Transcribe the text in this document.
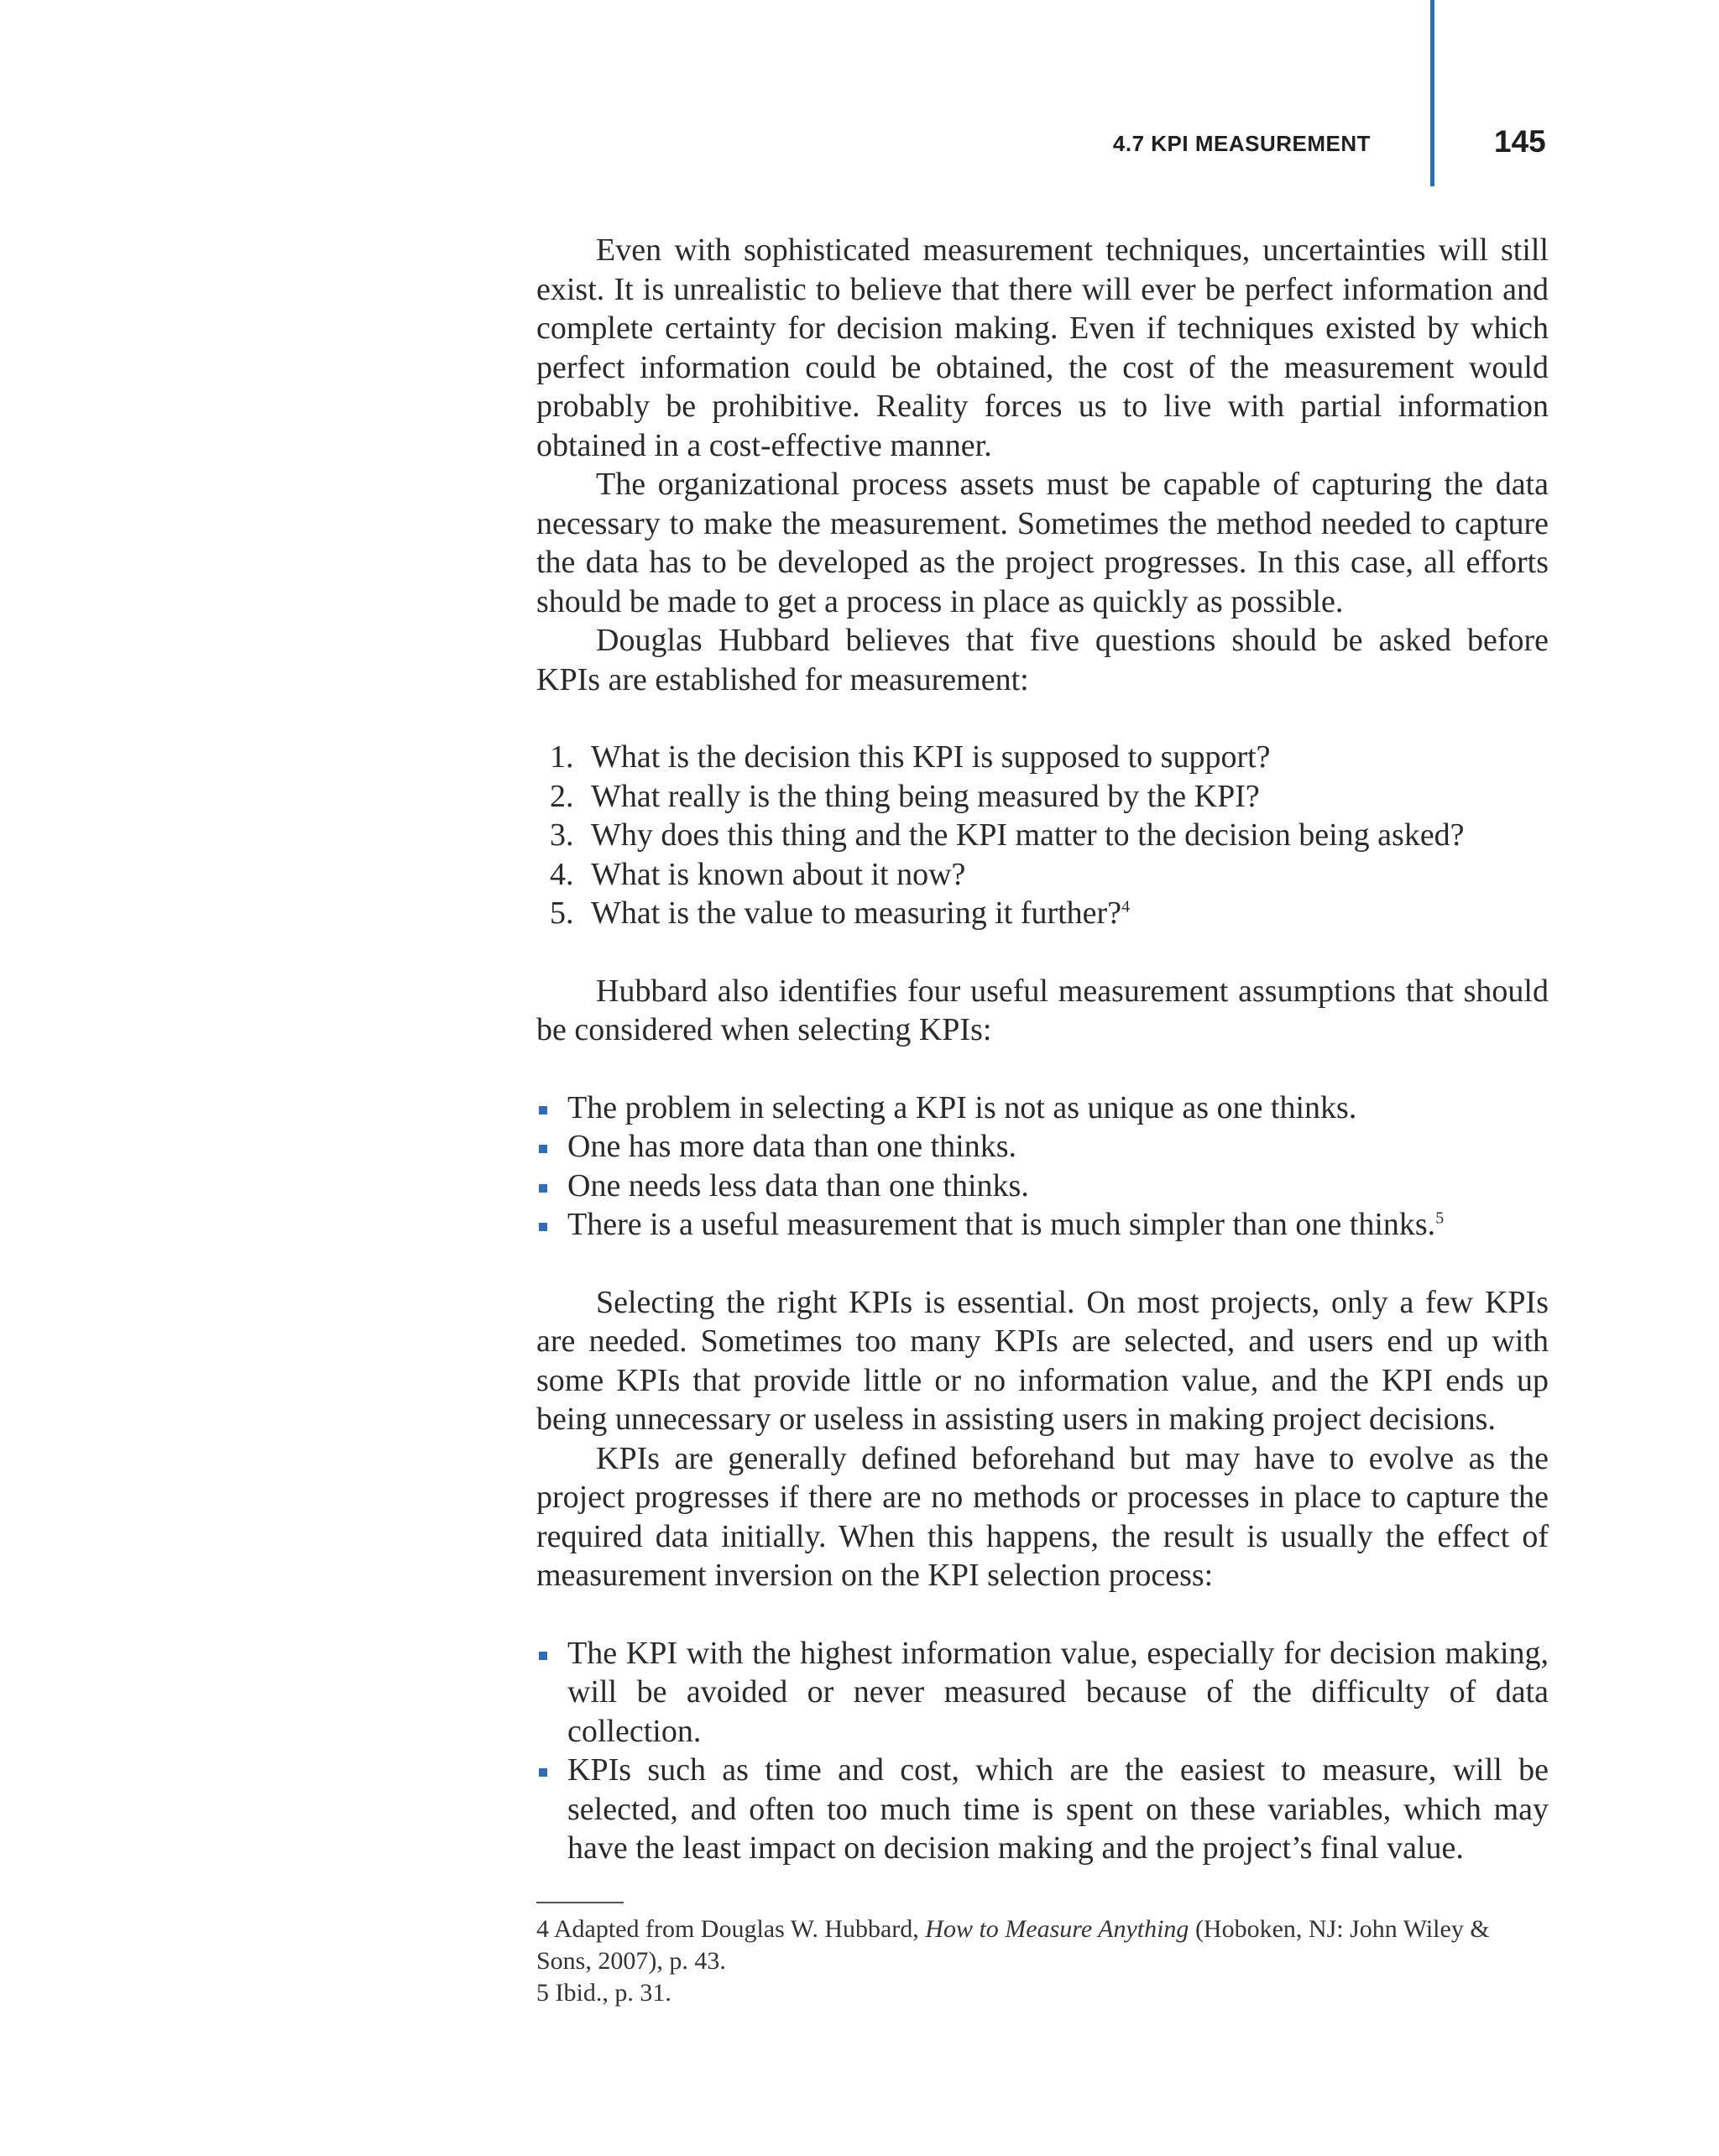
4.7 KPI MEASUREMENT	145

Even with sophisticated measurement techniques, uncertainties will still exist. It is unrealistic to believe that there will ever be perfect information and complete certainty for decision making. Even if techniques existed by which perfect information could be obtained, the cost of the measurement would probably be prohibitive. Reality forces us to live with partial information obtained in a cost-effective manner.

The organizational process assets must be capable of capturing the data necessary to make the measurement. Sometimes the method needed to capture the data has to be developed as the project progresses. In this case, all efforts should be made to get a process in place as quickly as possible.

Douglas Hubbard believes that five questions should be asked before KPIs are established for measurement:

1. What is the decision this KPI is supposed to support?
2. What really is the thing being measured by the KPI?
3. Why does this thing and the KPI matter to the decision being asked?
4. What is known about it now?
5. What is the value to measuring it further?$^4$

Hubbard also identifies four useful measurement assumptions that should be considered when selecting KPIs:

The problem in selecting a KPI is not as unique as one thinks.
One has more data than one thinks.
One needs less data than one thinks.
There is a useful measurement that is much simpler than one thinks.$^5$

Selecting the right KPIs is essential. On most projects, only a few KPIs are needed. Sometimes too many KPIs are selected, and users end up with some KPIs that provide little or no information value, and the KPI ends up being unnecessary or useless in assisting users in making project decisions.

KPIs are generally defined beforehand but may have to evolve as the project progresses if there are no methods or processes in place to capture the required data initially. When this happens, the result is usually the effect of measurement inversion on the KPI selection process:

The KPI with the highest information value, especially for decision making, will be avoided or never measured because of the difficulty of data collection.
KPIs such as time and cost, which are the easiest to measure, will be selected, and often too much time is spent on these variables, which may have the least impact on decision making and the project’s final value.

4 Adapted from Douglas W. Hubbard, How to Measure Anything (Hoboken, NJ: John Wiley & Sons, 2007), p. 43.

5 Ibid., p. 31.
